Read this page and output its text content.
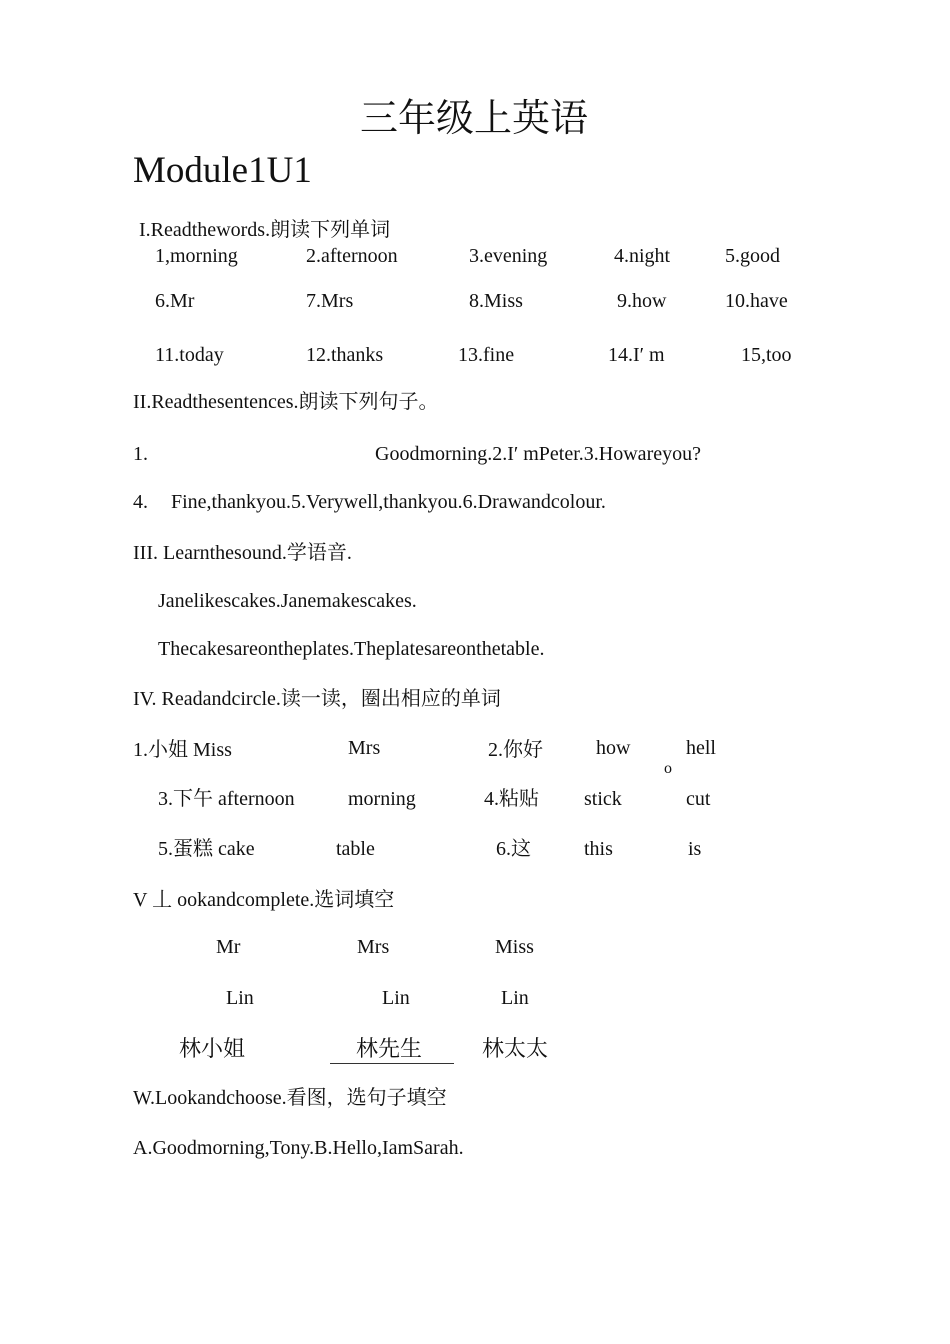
三年级上英语
Module1U1
I.Readthewords.朗读下列单词
1,morning	2.afternoon	3.evening	4.night	5.good
6.Mr	7.Mrs	8.Miss	9.how	10.have
11.today	12.thanks	13.fine	14.I′ m	15,too
II.Readthesentences.朗读下列句子。
1.	Goodmorning.2.I′ mPeter.3.Howareyou?
4. Fine,thankyou.5.Verywell,thankyou.6.Drawandcolour.
III. Learnthesound.学语音.
Janelikescakes.Janemakescakes.
Thecakesareontheplates.Theplatesareonthetable.
IV. Readandcircle.读一读，圈出相应的单词
1.小姐 Miss	Mrs	2.你好	how	hell
o
3.下午 afternoon	morning	4.粘贴 stick	cut
5.蛋糕 cake	table	6.这	this	is
V 丄 ookandcomplete.选词填空
Mr	Mrs	Miss
Lin	Lin	Lin
林小姐	林先生	林太太
W.Lookandchoose.看图，选句子填空
A.Goodmorning,Tony.B.Hello,IamSarah.
